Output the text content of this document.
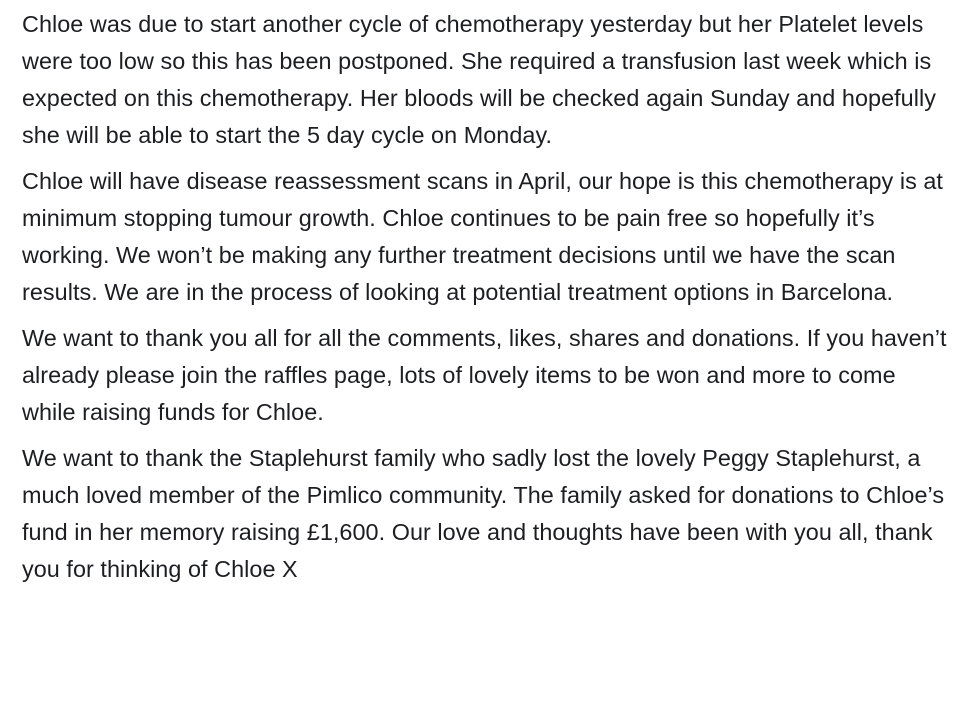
Chloe was due to start another cycle of chemotherapy yesterday but her Platelet levels were too low so this has been postponed. She required a transfusion last week which is expected on this chemotherapy. Her bloods will be checked again Sunday and hopefully she will be able to start the 5 day cycle on Monday.

Chloe will have disease reassessment scans in April, our hope is this chemotherapy is at minimum stopping tumour growth. Chloe continues to be pain free so hopefully it’s working. We won’t be making any further treatment decisions until we have the scan results. We are in the process of looking at potential treatment options in Barcelona.

We want to thank you all for all the comments, likes, shares and donations. If you haven’t already please join the raffles page, lots of lovely items to be won and more to come while raising funds for Chloe.

We want to thank the Staplehurst family who sadly lost the lovely Peggy Staplehurst, a much loved member of the Pimlico community. The family asked for donations to Chloe’s fund in her memory raising £1,600. Our love and thoughts have been with you all, thank you for thinking of Chloe X
